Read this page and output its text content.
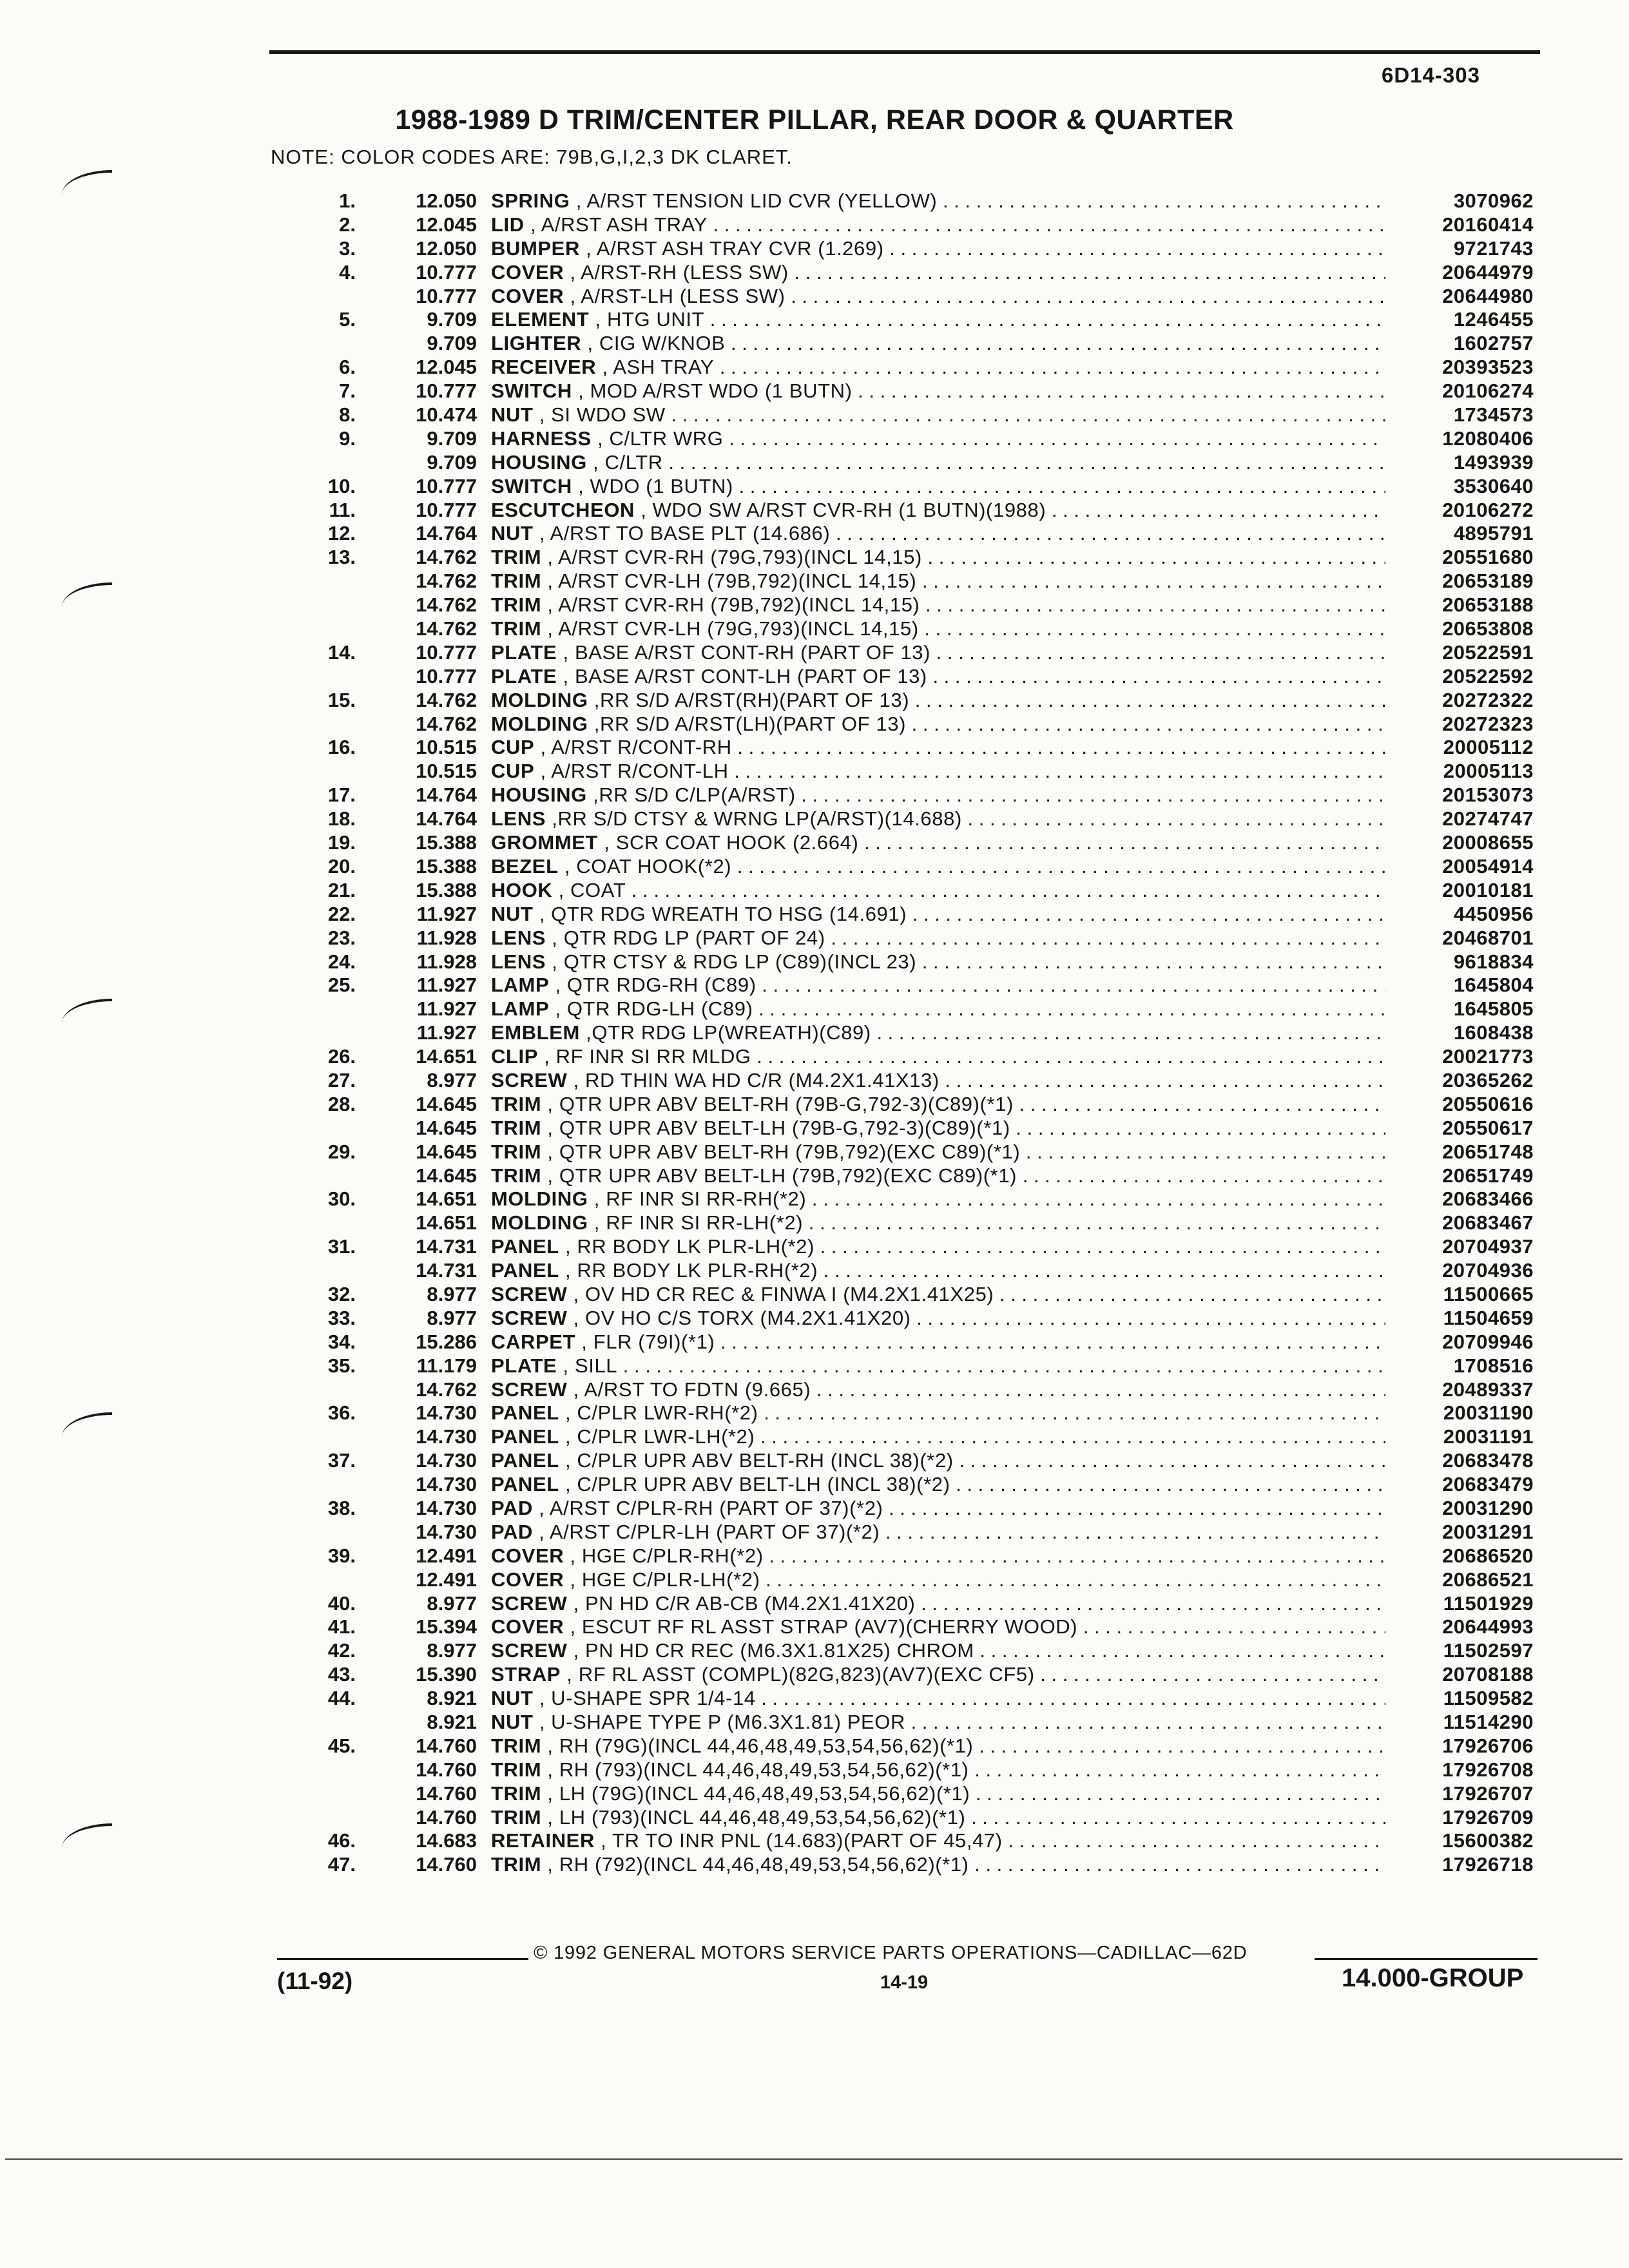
6D14-303
1988-1989 D TRIM/CENTER PILLAR, REAR DOOR & QUARTER
NOTE: COLOR CODES ARE: 79B,G,I,2,3 DK CLARET.
1.	12.050 SPRING , A/RST TENSION LID CVR (YELLOW) . . .	3070962
2.	12.045 LID , A/RST ASH TRAY . . .	20160414
3.	12.050 BUMPER , A/RST ASH TRAY CVR (1.269) . . .	9721743
4.	10.777 COVER , A/RST-RH (LESS SW) . . .	20644979
10.777 COVER , A/RST-LH (LESS SW) . . .	20644980
5.	9.709 ELEMENT , HTG UNIT . . .	1246455
9.709 LIGHTER , CIG W/KNOB . . .	1602757
6.	12.045 RECEIVER , ASH TRAY . . .	20393523
7.	10.777 SWITCH , MOD A/RST WDO (1 BUTN) . . .	20106274
8.	10.474 NUT , SI WDO SW . . .	1734573
9.	9.709 HARNESS , C/LTR WRG . . .	12080406
9.709 HOUSING , C/LTR . . .	1493939
10.	10.777 SWITCH , WDO (1 BUTN) . . .	3530640
11.	10.777 ESCUTCHEON , WDO SW A/RST CVR-RH (1 BUTN)(1988) . . .	20106272
12.	14.764 NUT , A/RST TO BASE PLT (14.686) . . .	4895791
13.	14.762 TRIM , A/RST CVR-RH (79G,793)(INCL 14,15) . . .	20551680
14.762 TRIM , A/RST CVR-LH (79B,792)(INCL 14,15) . . .	20653189
14.762 TRIM , A/RST CVR-RH (79B,792)(INCL 14,15) . . .	20653188
14.762 TRIM , A/RST CVR-LH (79G,793)(INCL 14,15) . . .	20653808
14.	10.777 PLATE , BASE A/RST CONT-RH (PART OF 13) . . .	20522591
10.777 PLATE , BASE A/RST CONT-LH (PART OF 13) . . .	20522592
15.	14.762 MOLDING ,RR S/D A/RST(RH)(PART OF 13) . . .	20272322
14.762 MOLDING ,RR S/D A/RST(LH)(PART OF 13) . . .	20272323
16.	10.515 CUP , A/RST R/CONT-RH . . .	20005112
10.515 CUP , A/RST R/CONT-LH . . .	20005113
17.	14.764 HOUSING ,RR S/D C/LP(A/RST) . . .	20153073
18.	14.764 LENS ,RR S/D CTSY & WRNG LP(A/RST)(14.688) . . .	20274747
19.	15.388 GROMMET , SCR COAT HOOK (2.664) . . .	20008655
20.	15.388 BEZEL , COAT HOOK(*2) . . .	20054914
21.	15.388 HOOK , COAT . . .	20010181
22.	11.927 NUT , QTR RDG WREATH TO HSG (14.691) . . .	4450956
23.	11.928 LENS , QTR RDG LP (PART OF 24) . . .	20468701
24.	11.928 LENS , QTR CTSY & RDG LP (C89)(INCL 23) . . .	9618834
25.	11.927 LAMP , QTR RDG-RH (C89) . . .	1645804
11.927 LAMP , QTR RDG-LH (C89) . . .	1645805
11.927 EMBLEM ,QTR RDG LP(WREATH)(C89) . . .	1608438
26.	14.651 CLIP , RF INR SI RR MLDG . . .	20021773
27.	8.977 SCREW , RD THIN WA HD C/R (M4.2X1.41X13) . . .	20365262
28.	14.645 TRIM , QTR UPR ABV BELT-RH (79B-G,792-3)(C89)(*1) . . .	20550616
14.645 TRIM , QTR UPR ABV BELT-LH (79B-G,792-3)(C89)(*1) . . .	20550617
29.	14.645 TRIM , QTR UPR ABV BELT-RH (79B,792)(EXC C89)(*1) . . .	20651748
14.645 TRIM , QTR UPR ABV BELT-LH (79B,792)(EXC C89)(*1) . . .	20651749
30.	14.651 MOLDING , RF INR SI RR-RH(*2) . . .	20683466
14.651 MOLDING , RF INR SI RR-LH(*2) . . .	20683467
31.	14.731 PANEL , RR BODY LK PLR-LH(*2) . . .	20704937
14.731 PANEL , RR BODY LK PLR-RH(*2) . . .	20704936
32.	8.977 SCREW , OV HD CR REC & FINWA I (M4.2X1.41X25) . . .	11500665
33.	8.977 SCREW , OV HO C/S TORX (M4.2X1.41X20) . . .	11504659
34.	15.286 CARPET , FLR (79I)(*1) . . .	20709946
35.	11.179 PLATE , SILL . . .	1708516
14.762 SCREW , A/RST TO FDTN (9.665) . . .	20489337
36.	14.730 PANEL , C/PLR LWR-RH(*2) . . .	20031190
14.730 PANEL , C/PLR LWR-LH(*2) . . .	20031191
37.	14.730 PANEL , C/PLR UPR ABV BELT-RH (INCL 38)(*2) . . .	20683478
14.730 PANEL , C/PLR UPR ABV BELT-LH (INCL 38)(*2) . . .	20683479
38.	14.730 PAD , A/RST C/PLR-RH (PART OF 37)(*2) . . .	20031290
14.730 PAD , A/RST C/PLR-LH (PART OF 37)(*2) . . .	20031291
39.	12.491 COVER , HGE C/PLR-RH(*2) . . .	20686520
12.491 COVER , HGE C/PLR-LH(*2) . . .	20686521
40.	8.977 SCREW , PN HD C/R AB-CB (M4.2X1.41X20) . . .	11501929
41.	15.394 COVER , ESCUT RF RL ASST STRAP (AV7)(CHERRY WOOD) . . .	20644993
42.	8.977 SCREW , PN HD CR REC (M6.3X1.81X25) CHROM . . .	11502597
43.	15.390 STRAP , RF RL ASST (COMPL)(82G,823)(AV7)(EXC CF5) . . .	20708188
44.	8.921 NUT , U-SHAPE SPR 1/4-14 . . .	11509582
8.921 NUT , U-SHAPE TYPE P (M6.3X1.81) PEOR . . .	11514290
45.	14.760 TRIM , RH (79G)(INCL 44,46,48,49,53,54,56,62)(*1) . . .	17926706
14.760 TRIM , RH (793)(INCL 44,46,48,49,53,54,56,62)(*1) . . .	17926708
14.760 TRIM , LH (79G)(INCL 44,46,48,49,53,54,56,62)(*1) . . .	17926707
14.760 TRIM , LH (793)(INCL 44,46,48,49,53,54,56,62)(*1) . . .	17926709
46.	14.683 RETAINER , TR TO INR PNL (14.683)(PART OF 45,47) . . .	15600382
47.	14.760 TRIM , RH (792)(INCL 44,46,48,49,53,54,56,62)(*1) . . .	17926718
© 1992 GENERAL MOTORS SERVICE PARTS OPERATIONS—CADILLAC—62D
(11-92)	14-19	14.000-GROUP
